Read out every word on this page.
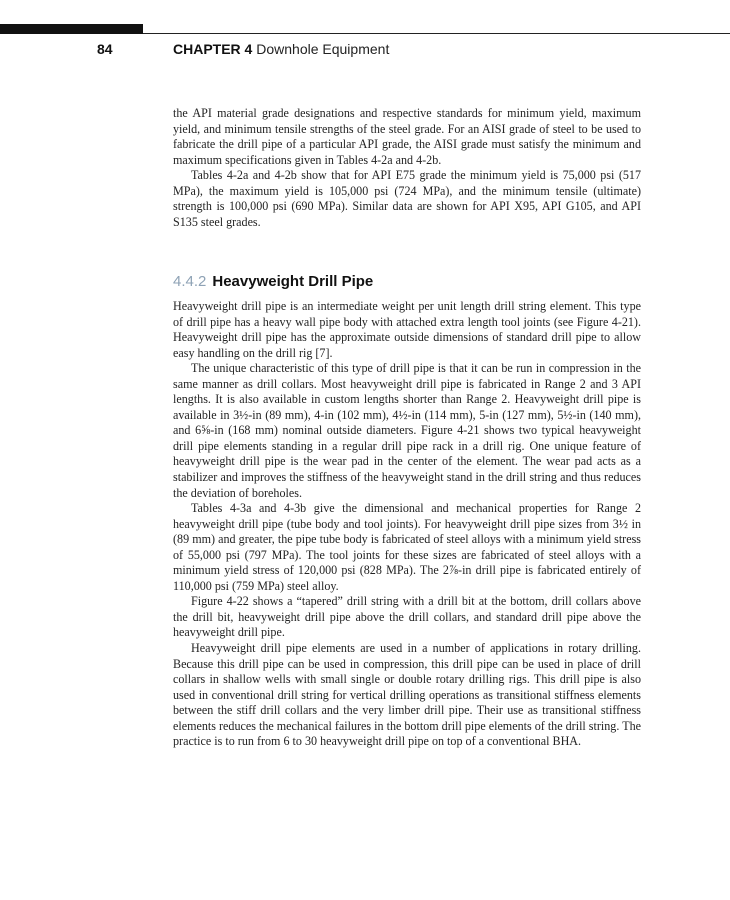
84	CHAPTER 4 Downhole Equipment

the API material grade designations and respective standards for minimum yield, maximum yield, and minimum tensile strengths of the steel grade. For an AISI grade of steel to be used to fabricate the drill pipe of a particular API grade, the AISI grade must satisfy the minimum and maximum specifications given in Tables 4-2a and 4-2b.

Tables 4-2a and 4-2b show that for API E75 grade the minimum yield is 75,000 psi (517 MPa), the maximum yield is 105,000 psi (724 MPa), and the minimum tensile (ultimate) strength is 100,000 psi (690 MPa). Similar data are shown for API X95, API G105, and API S135 steel grades.

4.4.2 Heavyweight Drill Pipe

Heavyweight drill pipe is an intermediate weight per unit length drill string element. This type of drill pipe has a heavy wall pipe body with attached extra length tool joints (see Figure 4-21). Heavyweight drill pipe has the approximate outside dimensions of standard drill pipe to allow easy handling on the drill rig [7].

The unique characteristic of this type of drill pipe is that it can be run in compression in the same manner as drill collars. Most heavyweight drill pipe is fabricated in Range 2 and 3 API lengths. It is also available in custom lengths shorter than Range 2. Heavyweight drill pipe is available in 3½-in (89 mm), 4-in (102 mm), 4½-in (114 mm), 5-in (127 mm), 5½-in (140 mm), and 6⅝-in (168 mm) nominal outside diameters. Figure 4-21 shows two typical heavyweight drill pipe elements standing in a regular drill pipe rack in a drill rig. One unique feature of heavyweight drill pipe is the wear pad in the center of the element. The wear pad acts as a stabilizer and improves the stiffness of the heavyweight stand in the drill string and thus reduces the deviation of boreholes.

Tables 4-3a and 4-3b give the dimensional and mechanical properties for Range 2 heavyweight drill pipe (tube body and tool joints). For heavyweight drill pipe sizes from 3½ in (89 mm) and greater, the pipe tube body is fabricated of steel alloys with a minimum yield stress of 55,000 psi (797 MPa). The tool joints for these sizes are fabricated of steel alloys with a minimum yield stress of 120,000 psi (828 MPa). The 2⅞-in drill pipe is fabricated entirely of 110,000 psi (759 MPa) steel alloy.

Figure 4-22 shows a “tapered” drill string with a drill bit at the bottom, drill collars above the drill bit, heavyweight drill pipe above the drill collars, and standard drill pipe above the heavyweight drill pipe.

Heavyweight drill pipe elements are used in a number of applications in rotary drilling. Because this drill pipe can be used in compression, this drill pipe can be used in place of drill collars in shallow wells with small single or double rotary drilling rigs. This drill pipe is also used in conventional drill string for vertical drilling operations as transitional stiffness elements between the stiff drill collars and the very limber drill pipe. Their use as transitional stiffness elements reduces the mechanical failures in the bottom drill pipe elements of the drill string. The practice is to run from 6 to 30 heavyweight drill pipe on top of a conventional BHA.
